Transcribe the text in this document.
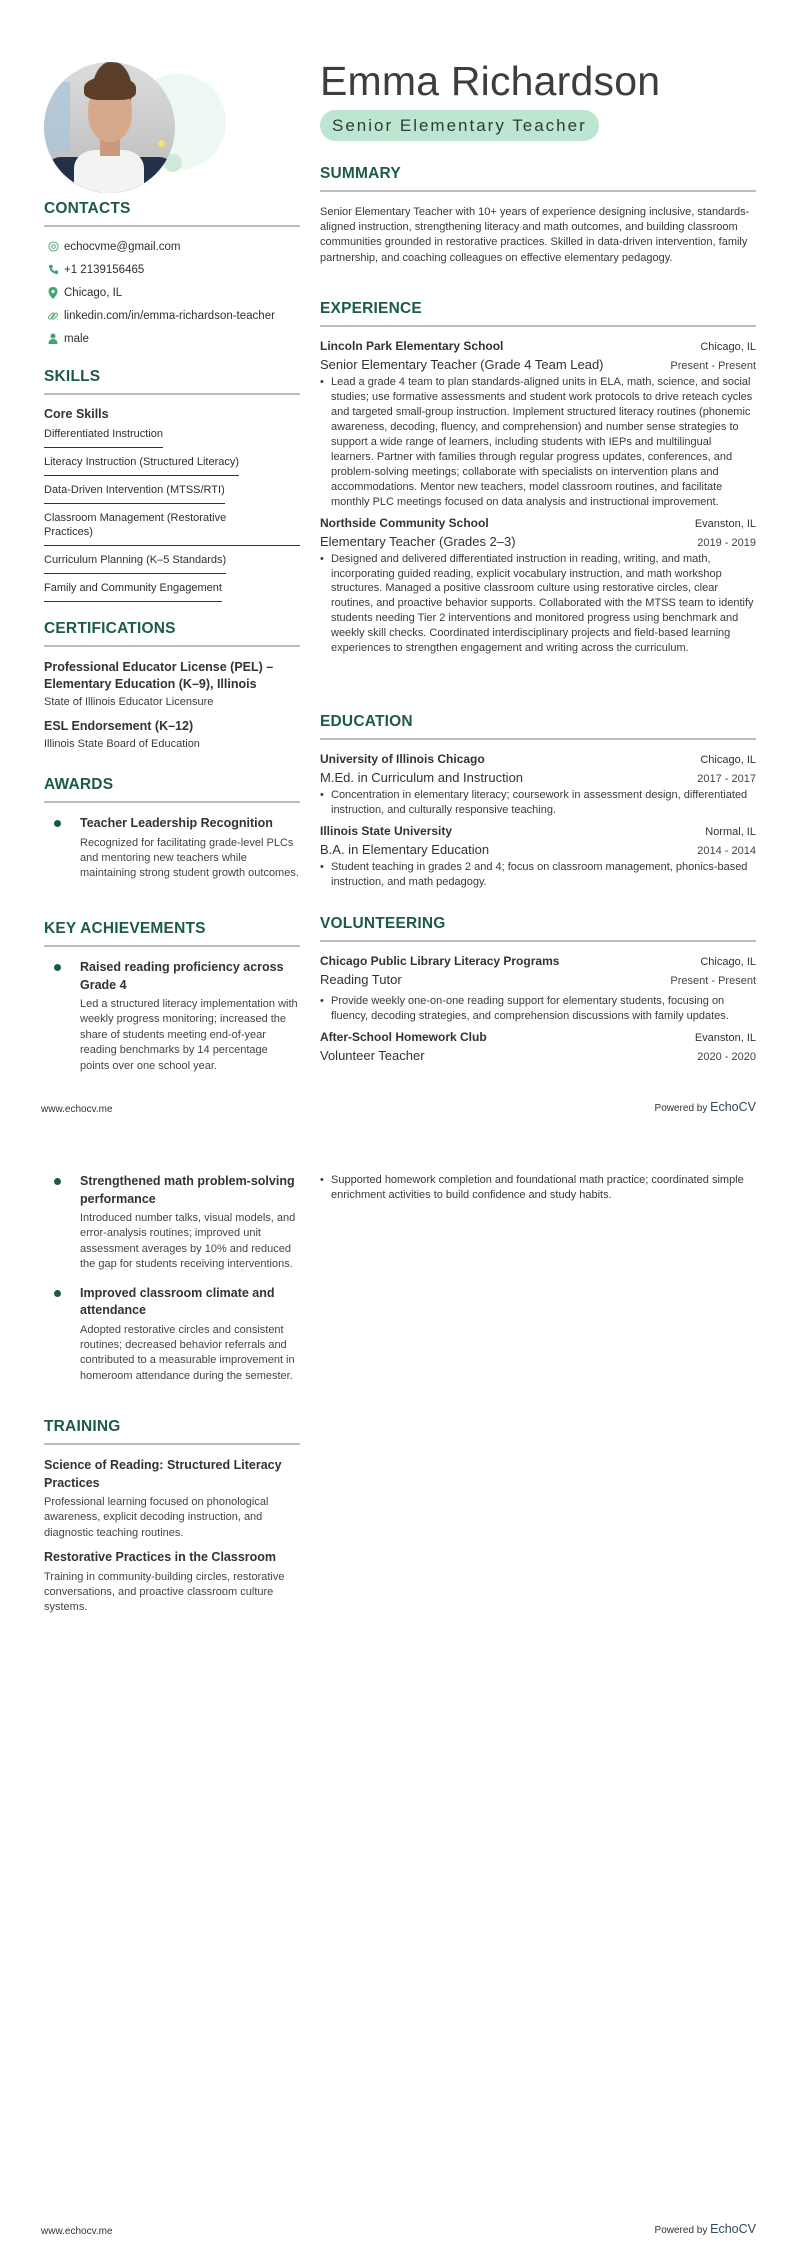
Emma Richardson
Senior Elementary Teacher
CONTACTS
echocvme@gmail.com
+1 2139156465
Chicago, IL
linkedin.com/in/emma-richardson-teacher
male
SKILLS
Core Skills
Differentiated Instruction
Literacy Instruction (Structured Literacy)
Data-Driven Intervention (MTSS/RTI)
Classroom Management (Restorative Practices)
Curriculum Planning (K–5 Standards)
Family and Community Engagement
CERTIFICATIONS
Professional Educator License (PEL) – Elementary Education (K–9), Illinois
State of Illinois Educator Licensure
ESL Endorsement (K–12)
Illinois State Board of Education
AWARDS
Teacher Leadership Recognition
Recognized for facilitating grade-level PLCs and mentoring new teachers while maintaining strong student growth outcomes.
KEY ACHIEVEMENTS
Raised reading proficiency across Grade 4
Led a structured literacy implementation with weekly progress monitoring; increased the share of students meeting end-of-year reading benchmarks by 14 percentage points over one school year.
SUMMARY

Senior Elementary Teacher with 10+ years of experience designing inclusive, standards-aligned instruction, strengthening literacy and math outcomes, and building classroom communities grounded in restorative practices. Skilled in data-driven intervention, family partnership, and coaching colleagues on effective elementary pedagogy.

EXPERIENCE
Lincoln Park Elementary School	Chicago, IL
Senior Elementary Teacher (Grade 4 Team Lead)	Present - Present
• Lead a grade 4 team to plan standards-aligned units in ELA, math, science, and social studies; use formative assessments and student work protocols to drive reteach cycles and targeted small-group instruction. Implement structured literacy routines (phonemic awareness, decoding, fluency, and comprehension) and number sense strategies to support a wide range of learners, including students with IEPs and multilingual learners. Partner with families through regular progress updates, conferences, and problem-solving meetings; collaborate with specialists on intervention plans and accommodations. Mentor new teachers, model classroom routines, and facilitate monthly PLC meetings focused on data analysis and instructional improvement.
Northside Community School	Evanston, IL
Elementary Teacher (Grades 2–3)	2019 - 2019
• Designed and delivered differentiated instruction in reading, writing, and math, incorporating guided reading, explicit vocabulary instruction, and math workshop structures. Managed a positive classroom culture using restorative circles, clear routines, and proactive behavior supports. Collaborated with the MTSS team to identify students needing Tier 2 interventions and monitored progress using benchmark and weekly skill checks. Coordinated interdisciplinary projects and field-based learning experiences to strengthen engagement and writing across the curriculum.
EDUCATION
University of Illinois Chicago	Chicago, IL
M.Ed. in Curriculum and Instruction	2017 - 2017
• Concentration in elementary literacy; coursework in assessment design, differentiated instruction, and culturally responsive teaching.
Illinois State University	Normal, IL
B.A. in Elementary Education	2014 - 2014
• Student teaching in grades 2 and 4; focus on classroom management, phonics-based instruction, and math pedagogy.
VOLUNTEERING
Chicago Public Library Literacy Programs	Chicago, IL
Reading Tutor	Present - Present
• Provide weekly one-on-one reading support for elementary students, focusing on fluency, decoding strategies, and comprehension discussions with family updates.
After-School Homework Club	Evanston, IL
Volunteer Teacher	2020 - 2020
www.echocv.me	Powered by EchoCV
Strengthened math problem-solving performance
Introduced number talks, visual models, and error-analysis routines; improved unit assessment averages by 10% and reduced the gap for students receiving interventions.
Improved classroom climate and attendance
Adopted restorative circles and consistent routines; decreased behavior referrals and contributed to a measurable improvement in homeroom attendance during the semester.
TRAINING
Science of Reading: Structured Literacy Practices
Professional learning focused on phonological awareness, explicit decoding instruction, and diagnostic teaching routines.
Restorative Practices in the Classroom
Training in community-building circles, restorative conversations, and proactive classroom culture systems.
• Supported homework completion and foundational math practice; coordinated simple enrichment activities to build confidence and study habits.
www.echocv.me	Powered by EchoCV
